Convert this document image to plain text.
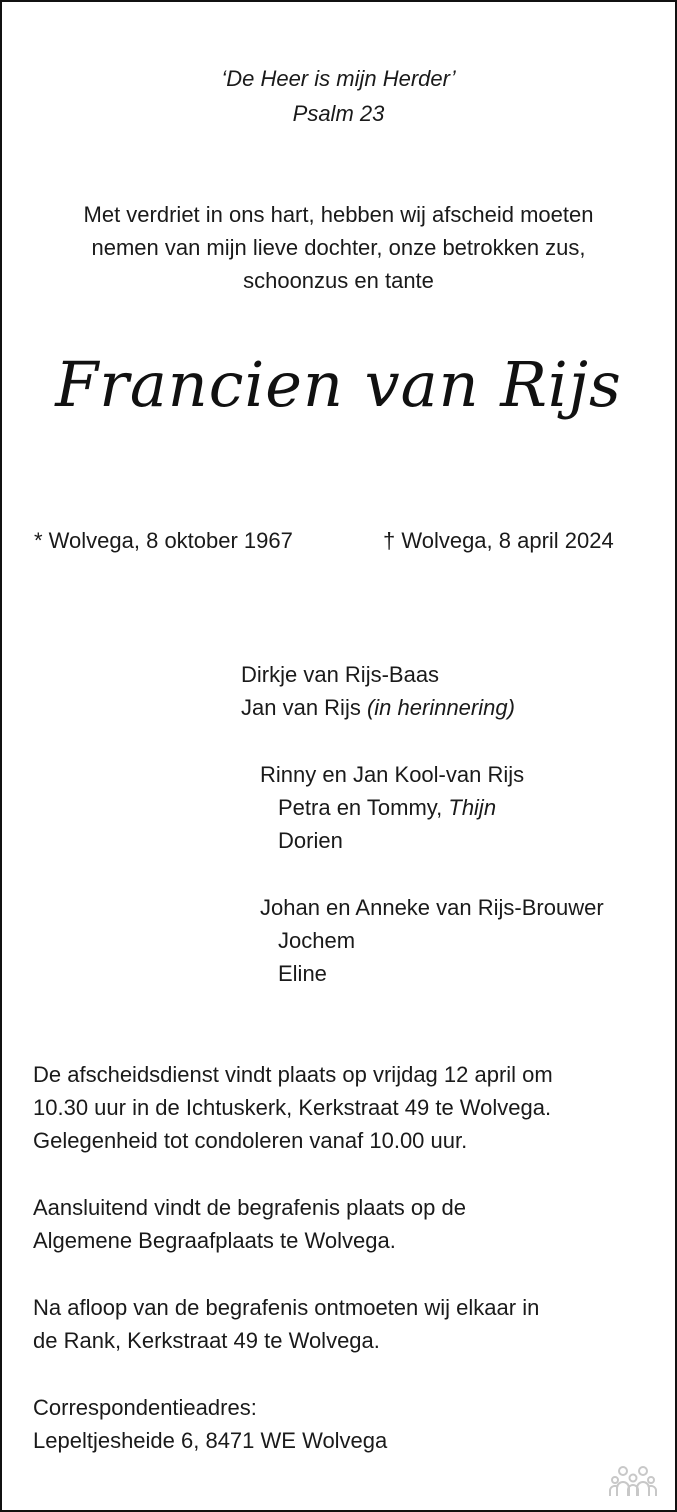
‘De Heer is mijn Herder’
Psalm 23
Met verdriet in ons hart, hebben wij afscheid moeten
nemen van mijn lieve dochter, onze betrokken zus,
schoonzus en tante
Francien van Rijs
* Wolvega, 8 oktober 1967	† Wolvega, 8 april 2024
Dirkje van Rijs-Baas
Jan van Rijs (in herinnering)
Rinny en Jan Kool-van Rijs
Petra en Tommy, Thijn
Dorien
Johan en Anneke van Rijs-Brouwer
Jochem
Eline
De afscheidsdienst vindt plaats op vrijdag 12 april om
10.30 uur in de Ichtuskerk, Kerkstraat 49 te Wolvega.
Gelegenheid tot condoleren vanaf 10.00 uur.
Aansluitend vindt de begrafenis plaats op de
Algemene Begraafplaats te Wolvega.
Na afloop van de begrafenis ontmoeten wij elkaar in
de Rank, Kerkstraat 49 te Wolvega.
Correspondentieadres:
Lepeltjesheide 6, 8471 WE Wolvega
